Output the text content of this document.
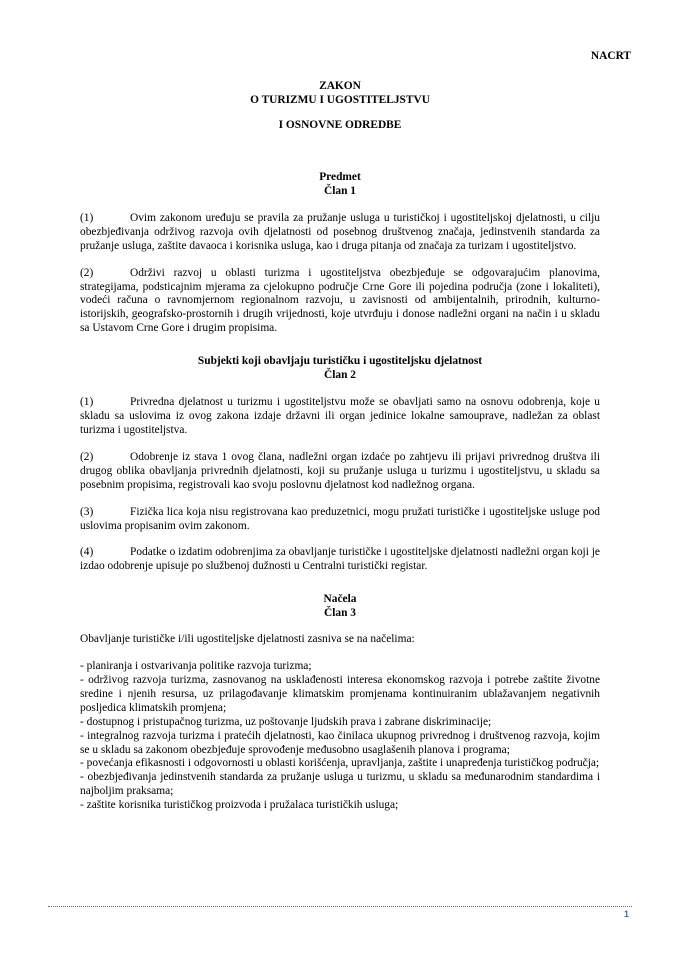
NACRT
ZAKON
O TURIZMU I UGOSTITELJSTVU
I OSNOVNE ODREDBE
Predmet
Član 1

(1)	Ovim zakonom uređuju se pravila za pružanje usluga u turističkoj i ugostiteljskoj djelatnosti, u cilju obezbjeđivanja održivog razvoja ovih djelatnosti od posebnog društvenog značaja, jedinstvenih standarda za pružanje usluga, zaštite davaoca i korisnika usluga, kao i druga pitanja od značaja za turizam i ugostiteljstvo.

(2)	Održivi razvoj u oblasti turizma i ugostiteljstva obezbjeđuje se odgovarajućim planovima, strategijama, podsticajnim mjerama za cjelokupno područje Crne Gore ili pojedina područja (zone i lokaliteti), vodeći računa o ravnomjernom regionalnom razvoju, u zavisnosti od ambijentalnih, prirodnih, kulturno-istorijskih, geografsko-prostornih i drugih vrijednosti, koje utvrđuju i donose nadležni organi na način i u skladu sa Ustavom Crne Gore i drugim propisima.

Subjekti koji obavljaju turističku i ugostiteljsku djelatnost
Član 2

(1)	Privredna djelatnost u turizmu i ugostiteljstvu može se obavljati samo na osnovu odobrenja, koje u skladu sa uslovima iz ovog zakona izdaje državni ili organ jedinice lokalne samouprave, nadležan za oblast turizma i ugostiteljstva.

(2)	Odobrenje iz stava 1 ovog člana, nadležni organ izdaće po zahtjevu ili prijavi privrednog društva ili drugog oblika obavljanja privrednih djelatnosti, koji su pružanje usluga u turizmu i ugostiteljstvu, u skladu sa posebnim propisima, registrovali kao svoju poslovnu djelatnost kod nadležnog organa.

(3)	Fizička lica koja nisu registrovana kao preduzetnici, mogu pružati turističke i ugostiteljske usluge pod uslovima propisanim ovim zakonom.

(4)	Podatke o izdatim odobrenjima za obavljanje turističke i ugostiteljske djelatnosti nadležni organ koji je izdao odobrenje upisuje po službenoj dužnosti u Centralni turistički registar.

Načela
Član 3

Obavljanje turističke i/ili ugostiteljske djelatnosti zasniva se na načelima:

- planiranja i ostvarivanja politike razvoja turizma;
- održivog razvoja turizma, zasnovanog na usklađenosti interesa ekonomskog razvoja i potrebe zaštite životne sredine i njenih resursa, uz prilagođavanje klimatskim promjenama kontinuiranim ublažavanjem negativnih posljedica klimatskih promjena;
- dostupnog i pristupačnog turizma, uz poštovanje ljudskih prava i zabrane diskriminacije;
- integralnog razvoja turizma i pratećih djelatnosti, kao činilaca ukupnog privrednog i društvenog razvoja, kojim se u skladu sa zakonom obezbjeđuje sprovođenje međusobno usaglašenih planova i programa;
- povećanja efikasnosti i odgovornosti u oblasti korišćenja, upravljanja, zaštite i unapređenja turističkog područja;
- obezbjeđivanja jedinstvenih standarda za pružanje usluga u turizmu, u skladu sa međunarodnim standardima i najboljim praksama;
- zaštite korisnika turističkog proizvoda i pružalaca turističkih usluga;
1
